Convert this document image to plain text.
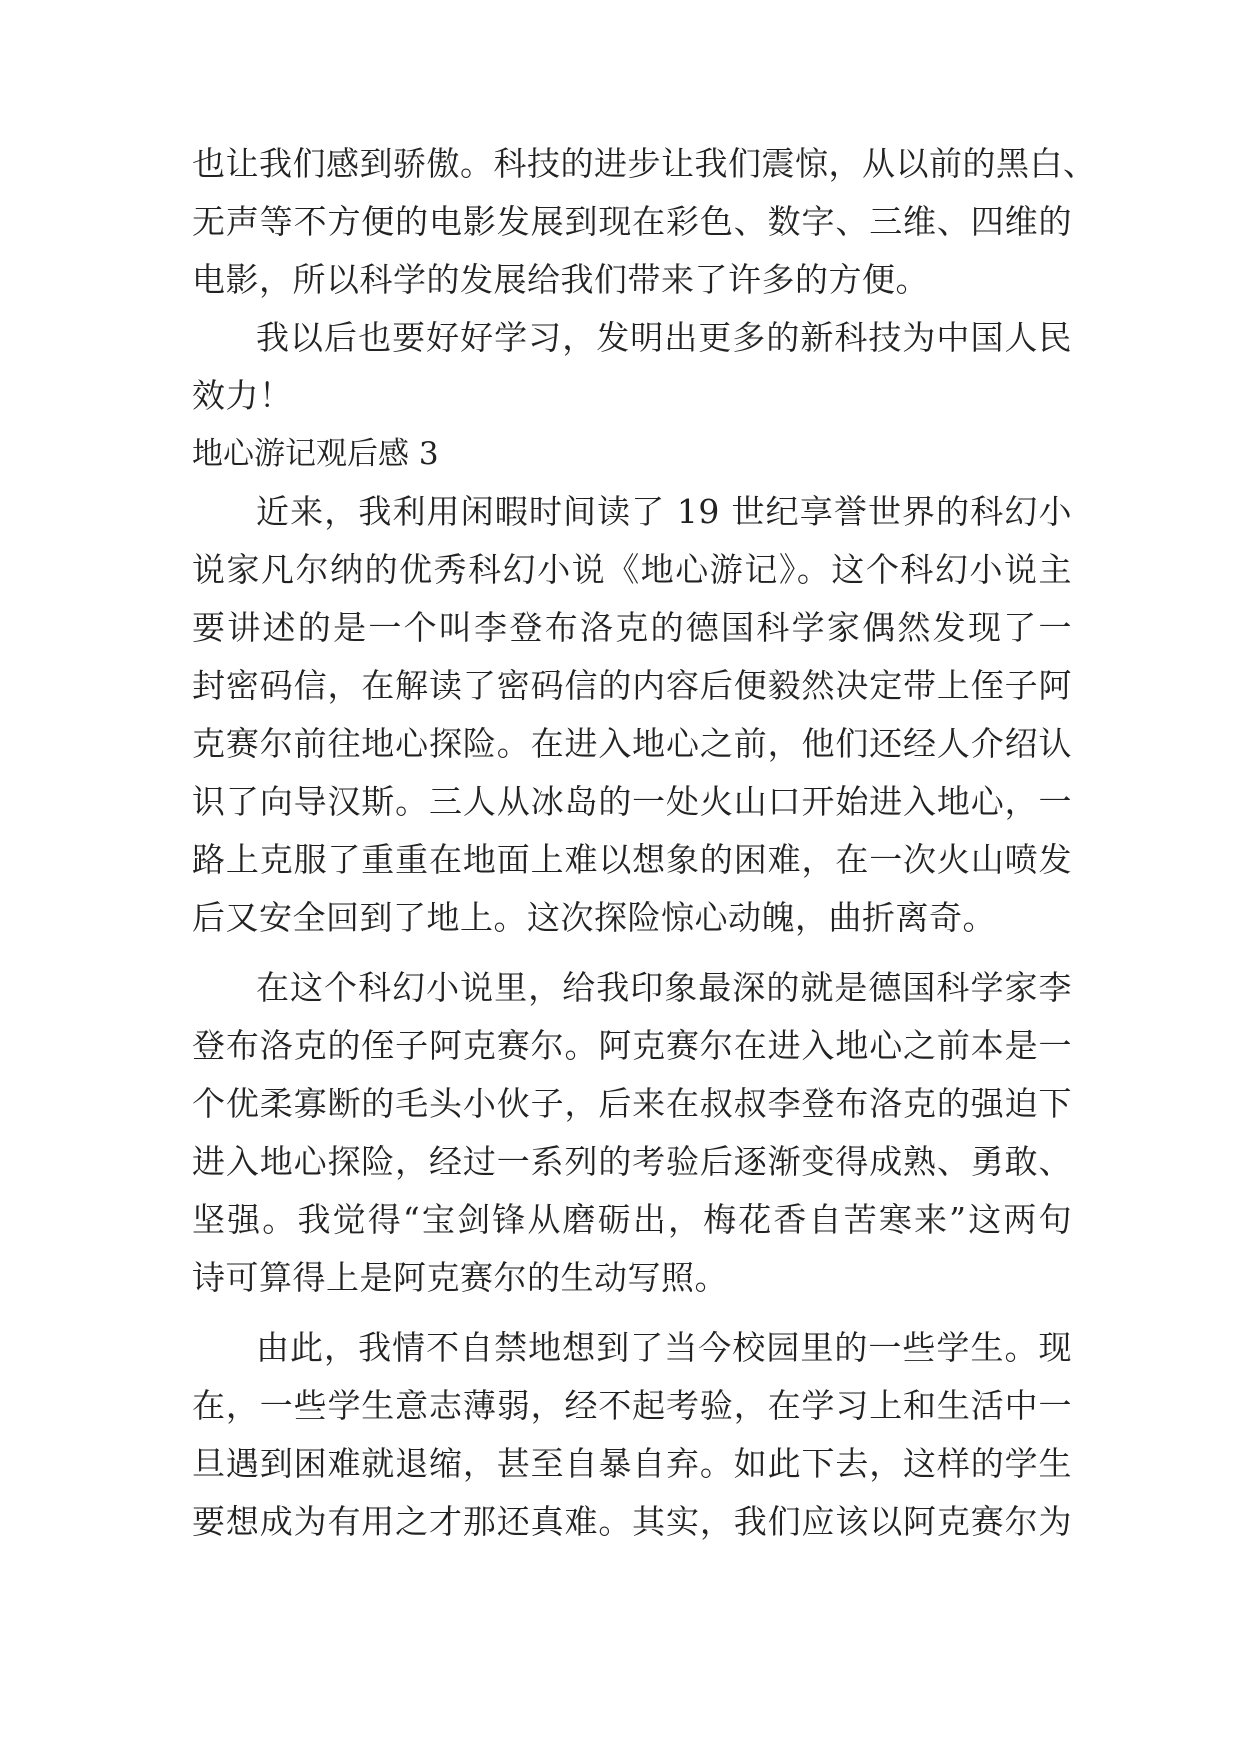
也让我们感到骄傲。科技的进步让我们震惊，从以前的黑白、
无声等不方便的电影发展到现在彩色、数字、三维、四维的
电影，所以科学的发展给我们带来了许多的方便。
我以后也要好好学习，发明出更多的新科技为中国人民
效力！
地心游记观后感 3
近来，我利用闲暇时间读了 19 世纪享誉世界的科幻小
说家凡尔纳的优秀科幻小说《地心游记》。这个科幻小说主
要讲述的是一个叫李登布洛克的德国科学家偶然发现了一
封密码信，在解读了密码信的内容后便毅然决定带上侄子阿
克赛尔前往地心探险。在进入地心之前，他们还经人介绍认
识了向导汉斯。三人从冰岛的一处火山口开始进入地心，一
路上克服了重重在地面上难以想象的困难，在一次火山喷发
后又安全回到了地上。这次探险惊心动魄，曲折离奇。
在这个科幻小说里，给我印象最深的就是德国科学家李
登布洛克的侄子阿克赛尔。阿克赛尔在进入地心之前本是一
个优柔寡断的毛头小伙子，后来在叔叔李登布洛克的强迫下
进入地心探险，经过一系列的考验后逐渐变得成熟、勇敢、
坚强。我觉得“宝剑锋从磨砺出，梅花香自苦寒来”这两句
诗可算得上是阿克赛尔的生动写照。
由此，我情不自禁地想到了当今校园里的一些学生。现
在，一些学生意志薄弱，经不起考验，在学习上和生活中一
旦遇到困难就退缩，甚至自暴自弃。如此下去，这样的学生
要想成为有用之才那还真难。其实，我们应该以阿克赛尔为
